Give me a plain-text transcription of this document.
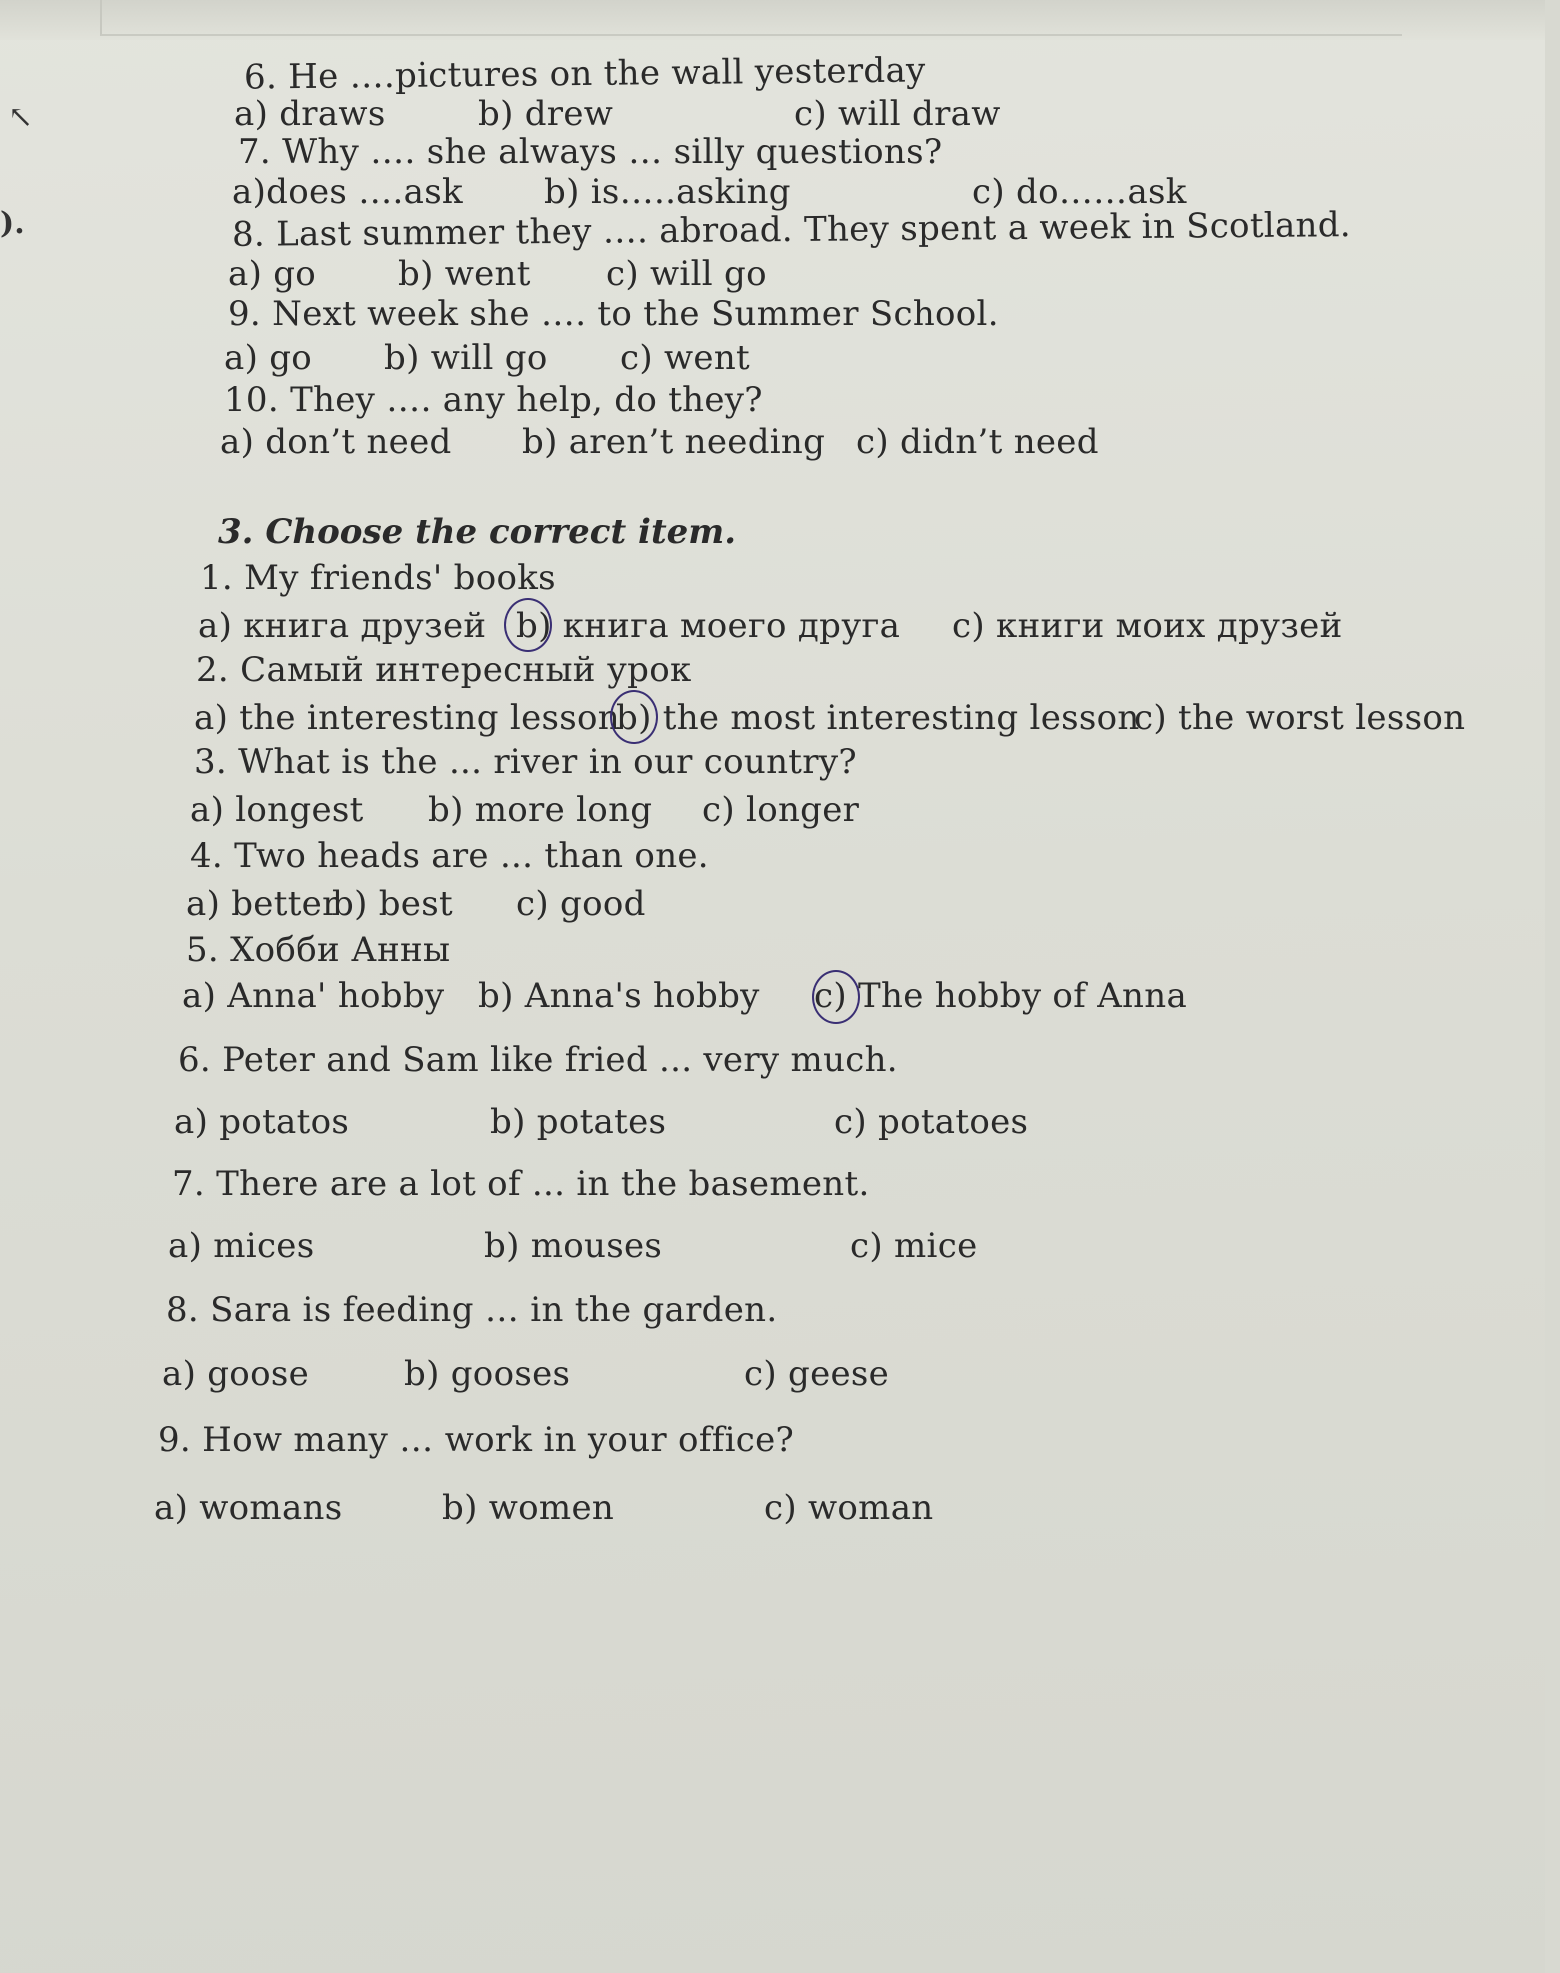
↖
).
6. He ….pictures on the wall yesterday
a) draws	b) drew	c) will draw
7. Why …. she always … silly questions?
a)does ….ask b) is…..asking	c) do……ask
8. Last summer they …. abroad. They spent a week in Scotland.
a) go b) went c) will go
9. Next week she …. to the Summer School.
a) go b) will go c) went
10. They …. any help, do they?
a) don’t need b) aren’t needing c) didn’t need
3. Choose the correct item.
1. My friends' books
a) книга друзей b) книга моего друга c) книги моих друзей
2. Самый интересный урок
a) the interesting lesson
b) the most interesting lesson
c) the worst lesson
3. What is the ... river in our country?
a) longest b) more long c) longer
4. Two heads are ... than one.
a) better
b) best c) good
5. Хобби Анны
a) Anna' hobby b) Anna's hobby c) The hobby of Anna
6. Peter and Sam like fried ... very much.
a) potatos	b) potates	c) potatoes
7. There are a lot of ... in the basement.
a) mices	b) mouses	c) mice
8. Sara is feeding … in the garden.
a) goose	b) gooses	c) geese
9. How many … work in your office?
a) womans	b) women	c) woman
